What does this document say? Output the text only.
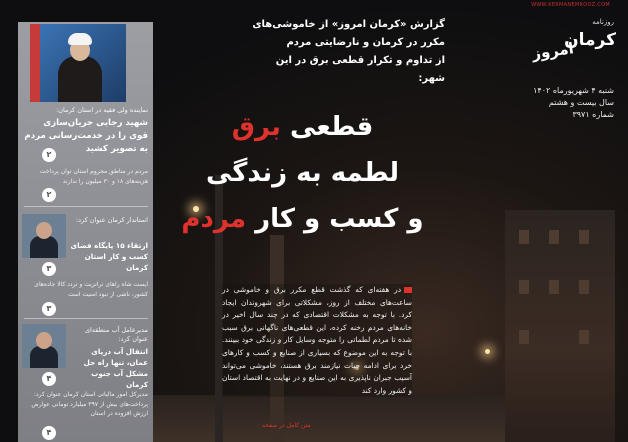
WWW.KERMANEMROOZ.COM
روزنامه
کرمان
امروز
شنبه ۴ شهریورماه ۱۴۰۲
سال بیست و هشتم
شماره ۳۹۷۱
گزارش «کرمان امروز» از خاموشی‌های
مکرر در کرمان و نارضایتی مردم
از تداوم و تکرار قطعی برق در این شهر:
قطعی برق
لطمه به زندگی
و کسب و کار مردم
در هفته‌ای که گذشت قطع مکرر برق و خاموشی در ساعت‌های مختلف از روز، مشکلاتی برای شهروندان ایجاد کرد. با توجه به مشکلات اقتصادی که در چند سال اخیر در خانه‌های مردم رخنه کرده، این قطعی‌های ناگهانی برق سبب شده تا مردم لطماتی را متوجه وسایل کار و زندگی خود ببینند. با توجه به این موضوع که بسیاری از صنایع و کسب و کارهای خرد برای ادامه حیات نیازمند برق هستند، خاموشی می‌تواند آسیب جبران ناپذیری به این صنایع و در نهایت به اقتصاد استان و کشور وارد کند
متن کامل در صفحه
نماینده ولی فقیه در استان کرمان:
شهید رجایی جریان‌سازی قوی را در خدمت‌رسانی مردم به تصویر کشید
۲
مردم در مناطق محروم استان توان پرداخت هزینه‌های ۱۸ و ۳۰ میلیون را ندارند
۲
استاندار کرمان عنوان کرد:
ارتقاء ۱۵ پایگاه فضای کسب و کار استان کرمان
۳
ایست شاه راهای ترانزیت و تردد کالا جاده‌های کشور، ناشی از نبود امنیت است
۳
مدیرعامل آب منطقه‌ای عنوان کرد:
انتقال آب دریای عمان، تنها راه حل مشکل آب جنوب کرمان
۴
مدیرکل امور مالیاتی استان کرمان عنوان کرد: پرداخت‌های بیش از ۳۹۷ میلیارد تومانی عوارض ارزش افزوده در استان
۴
